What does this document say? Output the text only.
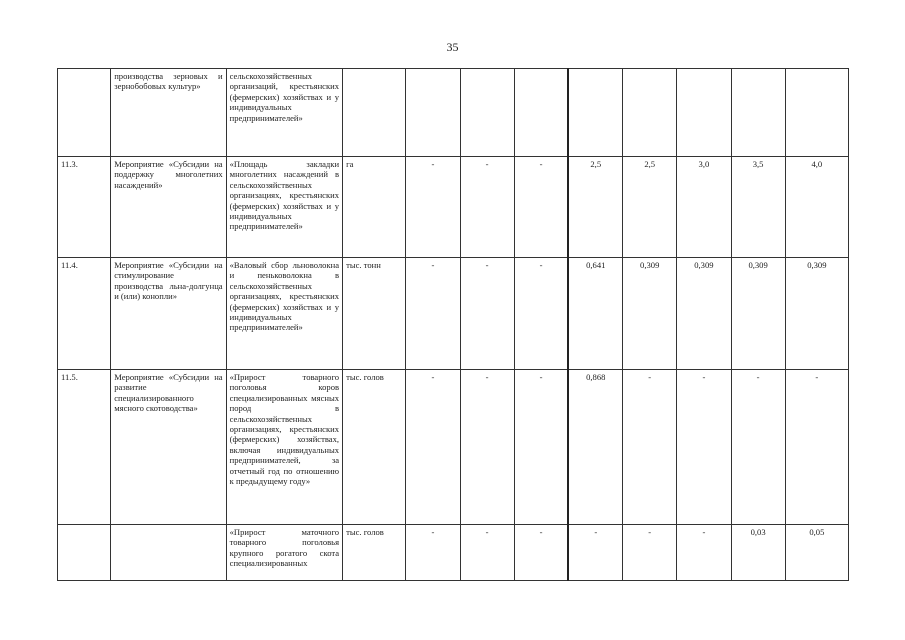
35
	производства зерновых и зернобобовых культур»	сельскохозяйственных организаций, крестьянских (фермерских) хозяйствах и у индивидуальных предпринимателей»									
11.3.	Мероприятие «Субсидии на поддержку многолетних насаждений»	«Площадь закладки многолетних насаждений в сельскохозяйственных организациях, крестьянских (фермерских) хозяйствах и у индивидуальных предпринимателей»	га	-	-	-	2,5	2,5	3,0	3,5	4,0
11.4.	Мероприятие «Субсидии на стимулирование производства льна-долгунца и (или) конопли»	«Валовый сбор льноволокна и пеньковолокна в сельскохозяйственных организациях, крестьянских (фермерских) хозяйствах и у индивидуальных предпринимателей»	тыс. тонн	-	-	-	0,641	0,309	0,309	0,309	0,309
11.5.	Мероприятие «Субсидии на развитие специализированного мясного скотоводства»	«Прирост товарного поголовья коров специализированных мясных пород в сельскохозяйственных организациях, крестьянских (фермерских) хозяйствах, включая индивидуальных предпринимателей, за отчетный год по отношению к предыдущему году»	тыс. голов	-	-	-	0,868	-	-	-	-
		«Прирост маточного товарного поголовья крупного рогатого скота специализированных	тыс. голов	-	-	-	-	-	-	0,03	0,05
